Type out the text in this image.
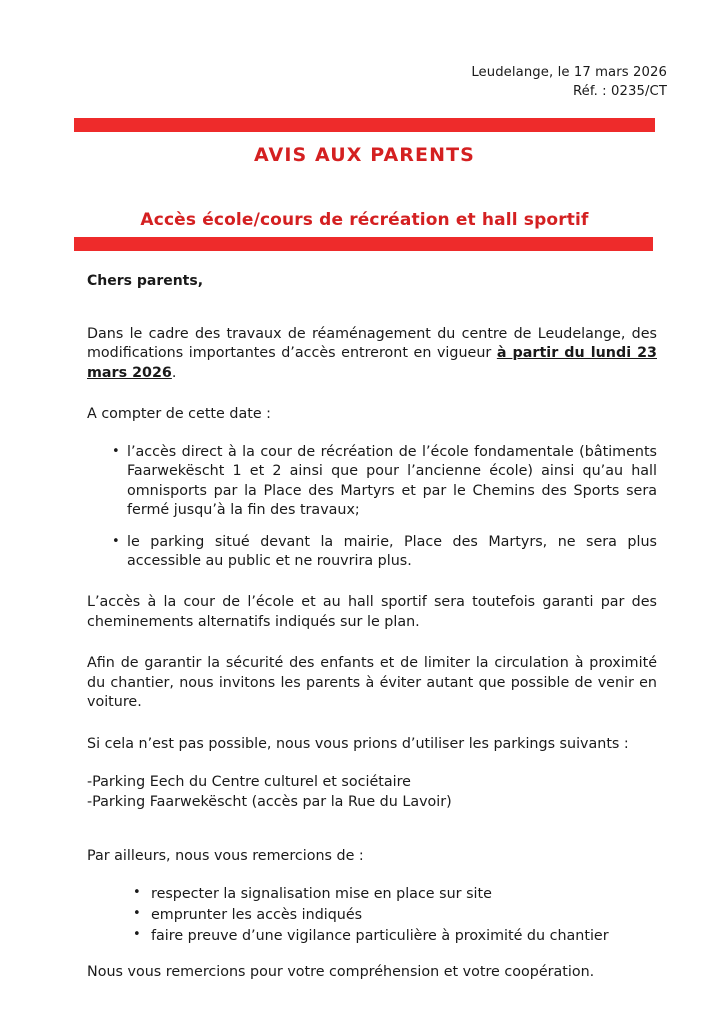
Leudelange, le 17 mars 2026
Réf. : 0235/CT
AVIS AUX PARENTS
Accès école/cours de récréation et hall sportif

Chers parents,

Dans le cadre des travaux de réaménagement du centre de Leudelange, des modifications importantes d’accès entreront en vigueur à partir du lundi 23 mars 2026.

A compter de cette date :

• l’accès direct à la cour de récréation de l’école fondamentale (bâtiments Faarwekëscht 1 et 2 ainsi que pour l’ancienne école) ainsi qu’au hall omnisports par la Place des Martyrs et par le Chemins des Sports sera fermé jusqu’à la fin des travaux;
• le parking situé devant la mairie, Place des Martyrs, ne sera plus accessible au public et ne rouvrira plus.

L’accès à la cour de l’école et au hall sportif sera toutefois garanti par des cheminements alternatifs indiqués sur le plan.

Afin de garantir la sécurité des enfants et de limiter la circulation à proximité du chantier, nous invitons les parents à éviter autant que possible de venir en voiture.

Si cela n’est pas possible, nous vous prions d’utiliser les parkings suivants :

-Parking Eech du Centre culturel et sociétaire

-Parking Faarwekëscht (accès par la Rue du Lavoir)

Par ailleurs, nous vous remercions de :

• respecter la signalisation mise en place sur site
• emprunter les accès indiqués
• faire preuve d’une vigilance particulière à proximité du chantier

Nous vous remercions pour votre compréhension et votre coopération.
